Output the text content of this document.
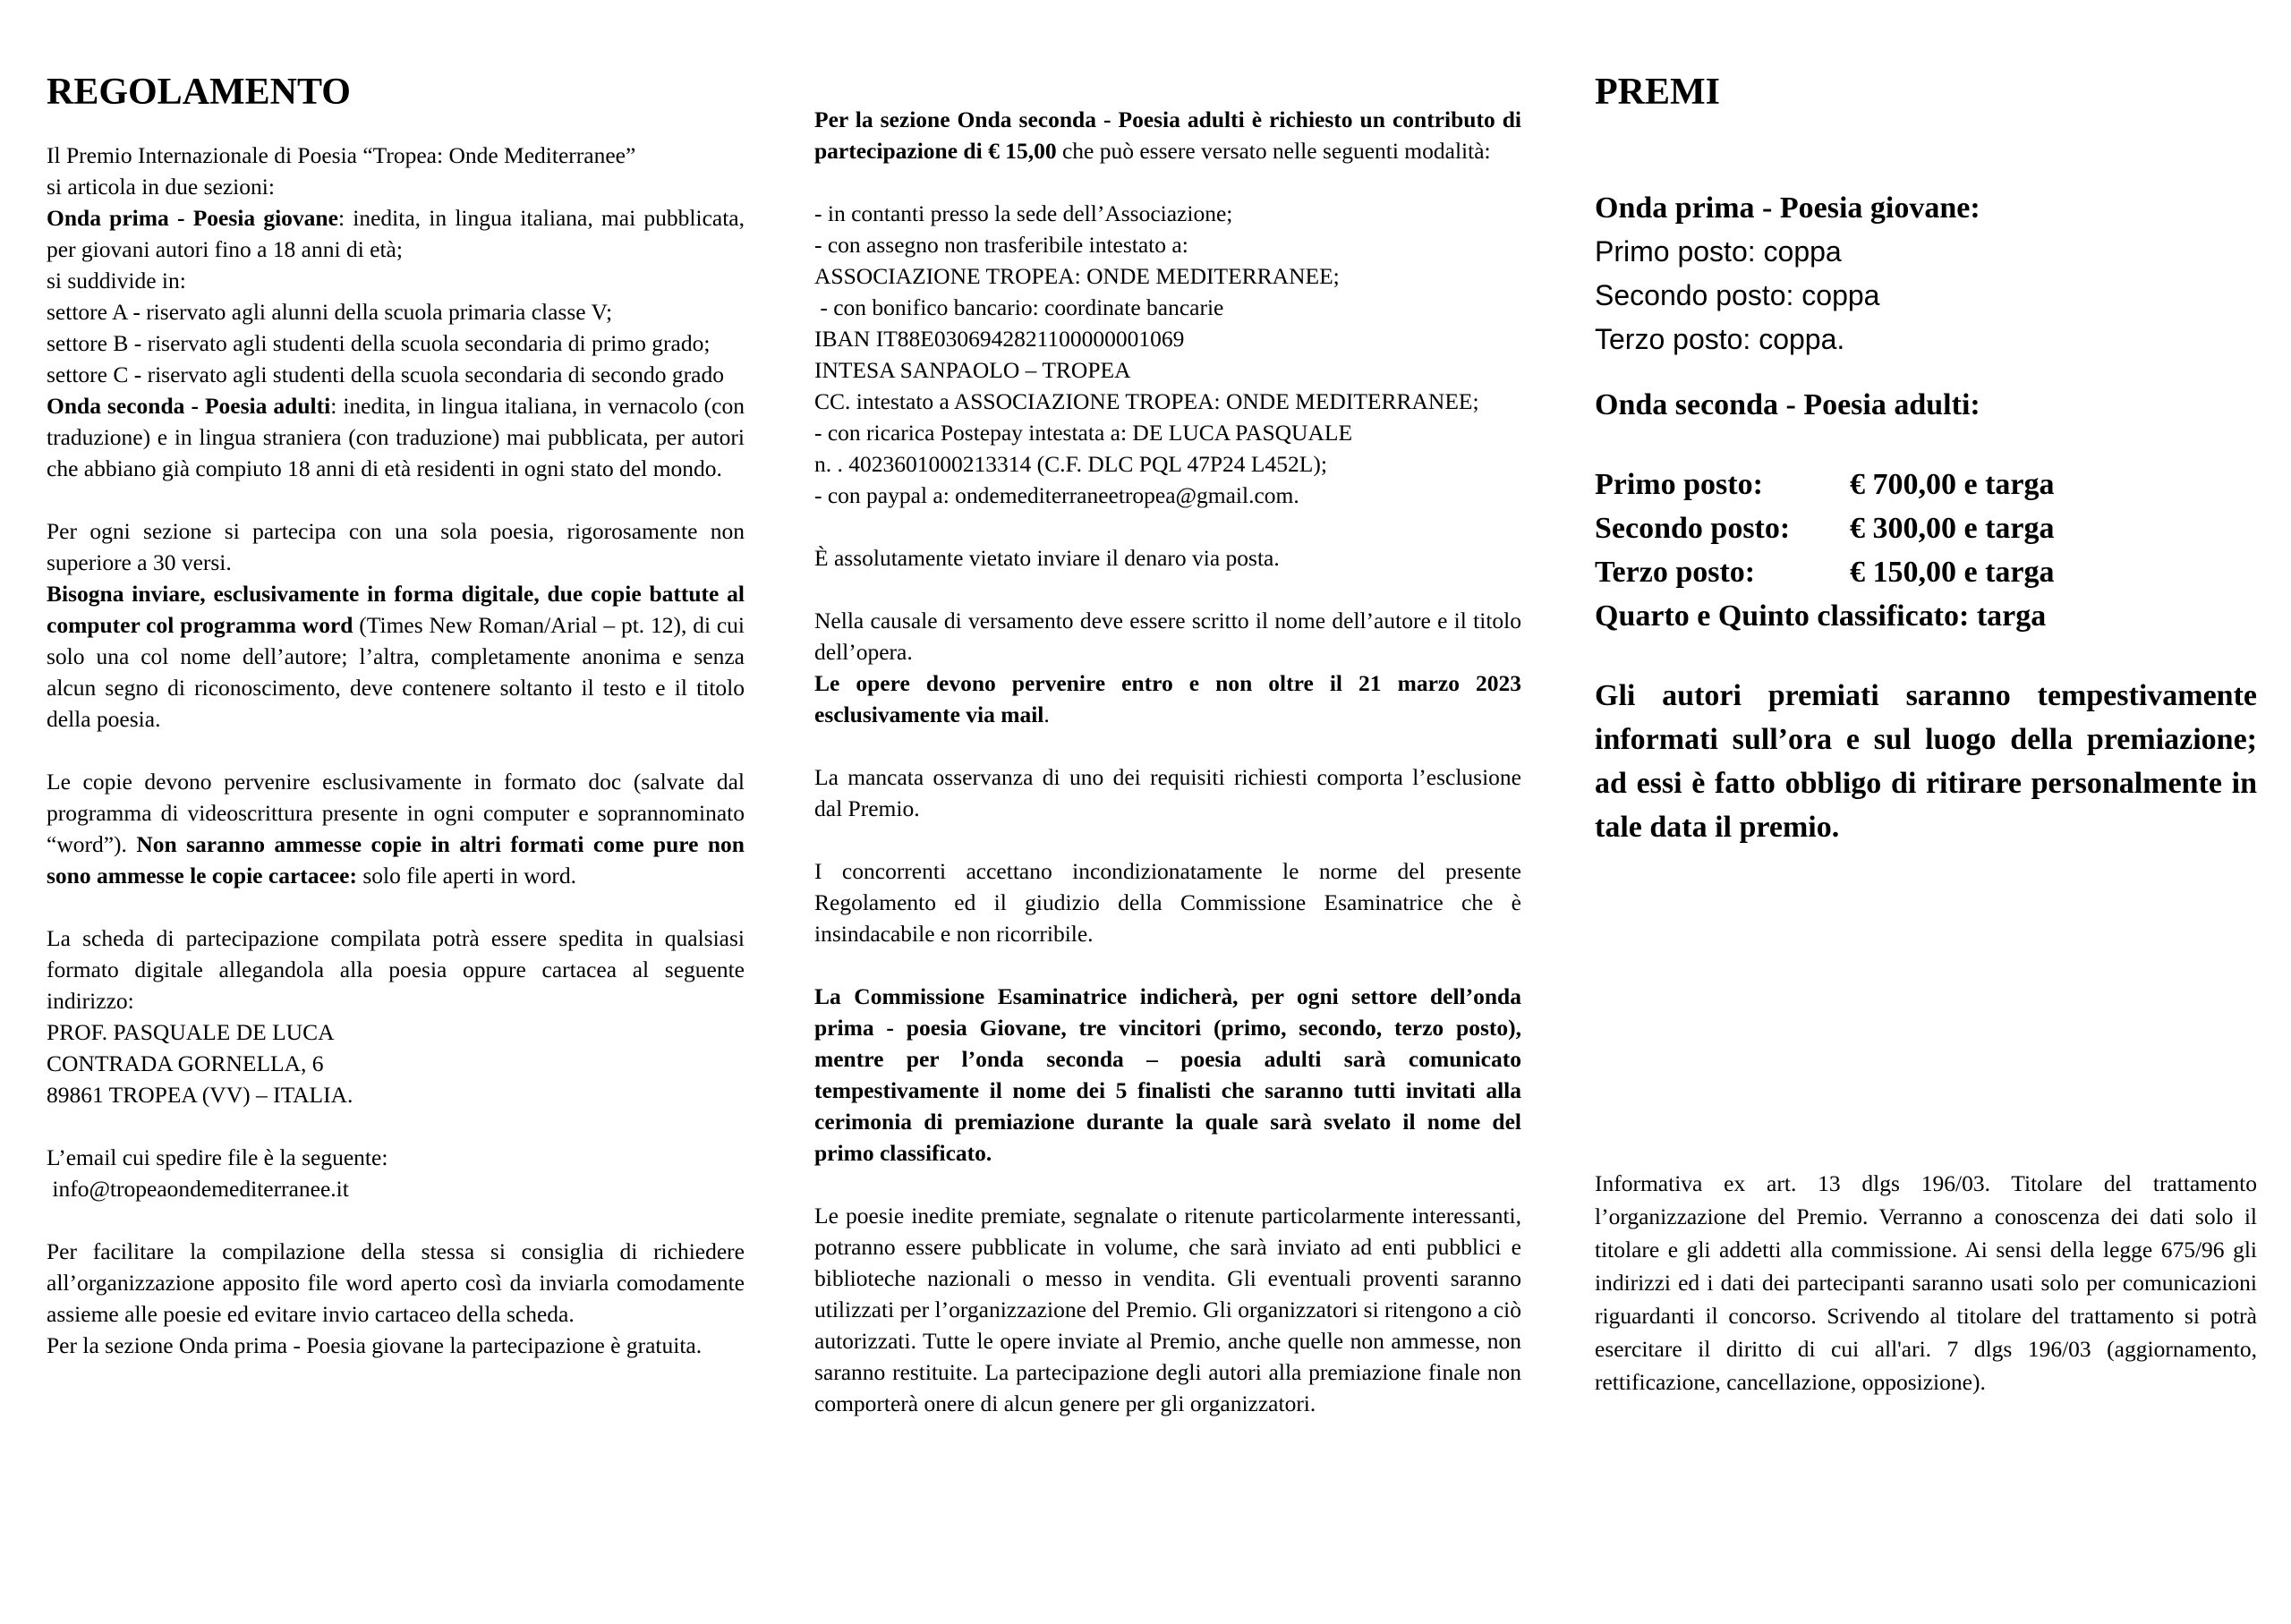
REGOLAMENTO

Il Premio Internazionale di Poesia “Tropea: Onde Mediterranee”

si articola in due sezioni:

Onda prima - Poesia giovane: inedita, in lingua italiana, mai pubblicata, per giovani autori fino a 18 anni di età;

si suddivide in:

settore A - riservato agli alunni della scuola primaria classe V;

settore B - riservato agli studenti della scuola secondaria di primo grado;

settore C - riservato agli studenti della scuola secondaria di secondo grado

Onda seconda - Poesia adulti: inedita, in lingua italiana, in vernacolo (con traduzione) e in lingua straniera (con traduzione) mai pubblicata, per autori che abbiano già compiuto 18 anni di età residenti in ogni stato del mondo.

Per ogni sezione si partecipa con una sola poesia, rigorosamente non superiore a 30 versi.

Bisogna inviare, esclusivamente in forma digitale, due copie battute al computer col programma word (Times New Roman/Arial – pt. 12), di cui solo una col nome dell’autore; l’altra, completamente anonima e senza alcun segno di riconoscimento, deve contenere soltanto il testo e il titolo della poesia.

Le copie devono pervenire esclusivamente in formato doc (salvate dal programma di videoscrittura presente in ogni computer e soprannominato “word”). Non saranno ammesse copie in altri formati come pure non sono ammesse le copie cartacee: solo file aperti in word.

La scheda di partecipazione compilata potrà essere spedita in qualsiasi formato digitale allegandola alla poesia oppure cartacea al seguente indirizzo:

PROF. PASQUALE DE LUCA

CONTRADA GORNELLA, 6

89861 TROPEA (VV) – ITALIA.

L’email cui spedire file è la seguente:

info@tropeaondemediterranee.it

Per facilitare la compilazione della stessa si consiglia di richiedere all’organizzazione apposito file word aperto così da inviarla comodamente assieme alle poesie ed evitare invio cartaceo della scheda.

Per la sezione Onda prima - Poesia giovane la partecipazione è gratuita.

Per la sezione Onda seconda - Poesia adulti è richiesto un contributo di partecipazione di € 15,00 che può essere versato nelle seguenti modalità:

- in contanti presso la sede dell’Associazione;

- con assegno non trasferibile intestato a:

ASSOCIAZIONE TROPEA: ONDE MEDITERRANEE;

- con bonifico bancario: coordinate bancarie

IBAN IT88E0306942821100000001069

INTESA SANPAOLO – TROPEA

CC. intestato a ASSOCIAZIONE TROPEA: ONDE MEDITERRANEE;

- con ricarica Postepay intestata a: DE LUCA PASQUALE

n. . 4023601000213314 (C.F. DLC PQL 47P24 L452L);

- con paypal a: ondemediterraneetropea@gmail.com.

È assolutamente vietato inviare il denaro via posta.

Nella causale di versamento deve essere scritto il nome dell’autore e il titolo dell’opera.

Le opere devono pervenire entro e non oltre il 21 marzo 2023 esclusivamente via mail.

La mancata osservanza di uno dei requisiti richiesti comporta l’esclusione dal Premio.

I concorrenti accettano incondizionatamente le norme del presente Regolamento ed il giudizio della Commissione Esaminatrice che è insindacabile e non ricorribile.

La Commissione Esaminatrice indicherà, per ogni settore dell’onda prima - poesia Giovane, tre vincitori (primo, secondo, terzo posto), mentre per l’onda seconda – poesia adulti sarà comunicato tempestivamente il nome dei 5 finalisti che saranno tutti invitati alla cerimonia di premiazione durante la quale sarà svelato il nome del primo classificato.

Le poesie inedite premiate, segnalate o ritenute particolarmente interessanti, potranno essere pubblicate in volume, che sarà inviato ad enti pubblici e biblioteche nazionali o messo in vendita. Gli eventuali proventi saranno utilizzati per l’organizzazione del Premio. Gli organizzatori si ritengono a ciò autorizzati. Tutte le opere inviate al Premio, anche quelle non ammesse, non saranno restituite. La partecipazione degli autori alla premiazione finale non comporterà onere di alcun genere per gli organizzatori.

PREMI

Onda prima - Poesia giovane:

Primo posto: coppa

Secondo posto: coppa

Terzo posto: coppa.

Onda seconda - Poesia adulti:

Primo posto:	€ 700,00 e targa
Secondo posto:	€ 300,00 e targa
Terzo posto:	€ 150,00 e targa

Quarto e Quinto classificato: targa

Gli autori premiati saranno tempestivamente informati sull’ora e sul luogo della premiazione; ad essi è fatto obbligo di ritirare personalmente in tale data il premio.

Informativa ex art. 13 dlgs 196/03. Titolare del trattamento l’organizzazione del Premio. Verranno a conoscenza dei dati solo il titolare e gli addetti alla commissione. Ai sensi della legge 675/96 gli indirizzi ed i dati dei partecipanti saranno usati solo per comunicazioni riguardanti il concorso. Scrivendo al titolare del trattamento si potrà esercitare il diritto di cui all'ari. 7 dlgs 196/03 (aggiornamento, rettificazione, cancellazione, opposizione).
